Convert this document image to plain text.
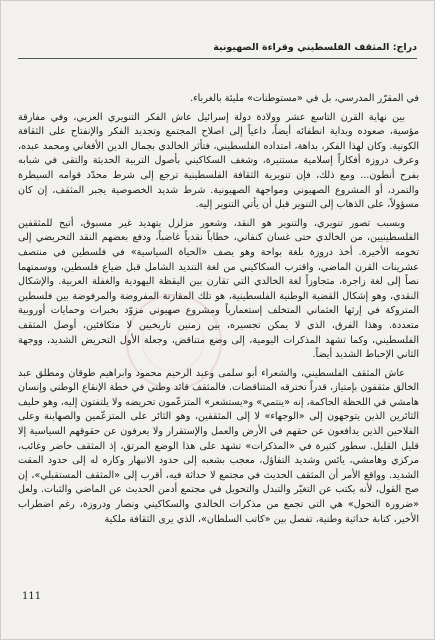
دراج: المثقف الفلسطيني وقراءة الصهيونية

في المقرّر المدرسي، بل في «مستوطنات» مليئة بالغرباء.

بين نهاية القرن التاسع عشر وولادة دولة إسرائيل عاش الفكر التنويري العربي، وفي مفارقة مؤسية، صعوده وبداية انطفائه أيضاً، داعياً إلى اصلاح المجتمع وتجديد الفكر والإنفتاح على الثقافة الكونية. وكان لهذا الفكر، بداهة، امتداده الفلسطيني، فتأثر الخالدي بجمال الدين الأفغاني ومحمد عبده، وعرف دروزة أفكاراً إسلامية مستنيرة، وشغف السكاكيني بأصول التربية الحديثة والتقى في شبابه بفرح أنطون... ومع ذلك، فإن تنويرية الثقافة الفلسطينية ترجع إلى شرط محدّد قوامه السيطرة والتمرد، أو المشروع الصهيوني ومواجهة الصهيونية. شرط شديد الخصوصية يجبر المثقف، إن كان مسؤولاً، على الذهاب إلى التنوير قبل أن يأتي التنوير إليه.

وبسبب تصور تنويري، والتنوير هو النقد، وشعور مزلزل بتهديد غير مسبوق، أتيح للمثقفين الفلسطينيين، من الخالدي حتى غسان كنفاني، خطاباً نقدياً غاضباً، ودفع بعضهم النقد التحريضي إلى تخومه الأخيرة. أخذ دروزة بلغة بواحة وهو يصف «الحياة السياسية» في فلسطين في منتصف عشرينات القرن الماضي، واقترب السكاكيني من لغة التنديد الشامل قبل ضياع فلسطين، ووسمتهما نصاً إلى لغة زاجرة، متجاوزاً لغة الخالدي التي تقارن بين اليقظة اليهودية والغفلة العربية. والإشكال النقدي، وهو إشكال القضية الوطنية الفلسطينية، هو تلك المقارنة المفروضة والمرفوضة بين فلسطين المتروكة في إرثها العثماني المتخلف إستعمارياً ومشروع صهيوني مزوّد بخبرات وحمايات أوروبية متعددة. وهذا الفرق، الذي لا يمكن تجسيره، بين زمنين تاريخيين لا متكافئين، أوصل المثقف الفلسطيني، وكما تشهد المذكرات اليومية، إلى وضع متناقض، وجعلة الأول التحريض الشديد، ووجهة الثاني الإحباط الشديد أيضاً.

عاش المثقف الفلسطيني، والشعراء أبو سلمى وعبد الرحيم محمود وابراهيم طوقان ومطلق عبد الخالق مثقفون بإمتياز، قدراً تخترقه المتناقضات. فالمثقف قائد وطني في خطة الإنقاع الوطني وإنسان هامشي في اللحظة الحاكمة، إنه «ينتمي» و«يستشعر» المتزعّمون تحريضه ولا يلتفتون إليه، وهو حليف الثائرين الذين يتوجهون إلى «الوجهاء» لا إلى المثقفين، وهو الثائر على المتزعّمين والصهاينة وعلى الفلاحين الذين يدافعون عن حقهم في الأرض والعمل والإستقرار ولا يعرفون عن حقوقهم السياسية إلا قليل القليل. سطور كثيرة في «المذكرات» تشهد على هذا الوضع المرتق، إذ المثقف حاضر وغائب، مركزي وهامشي، يائس وشديد التفاؤل، معجب بشعبه إلى حدود الانبهار وكاره له إلى حدود المقت الشديد. وواقع الأمر أن المثقف الحديث في مجتمع لا حداثة فيه، أقرب إلى «المثقف المستقبلي»، إن صح القول، لأنه يكتب عن التغيّر والتبدل والتحويل في مجتمع أدمن الحديث عن الماضي والثبات. ولعل «ضرورة التحول» هي التي تجمع من مذكرات الخالدي والسكاكيني ونصار ودروزة، رغم اضطراب الأخير، كتابة حداثية وطنية، تفصل بين «كاتب السلطان»، الذي يرى الثقافة ملكية

111
